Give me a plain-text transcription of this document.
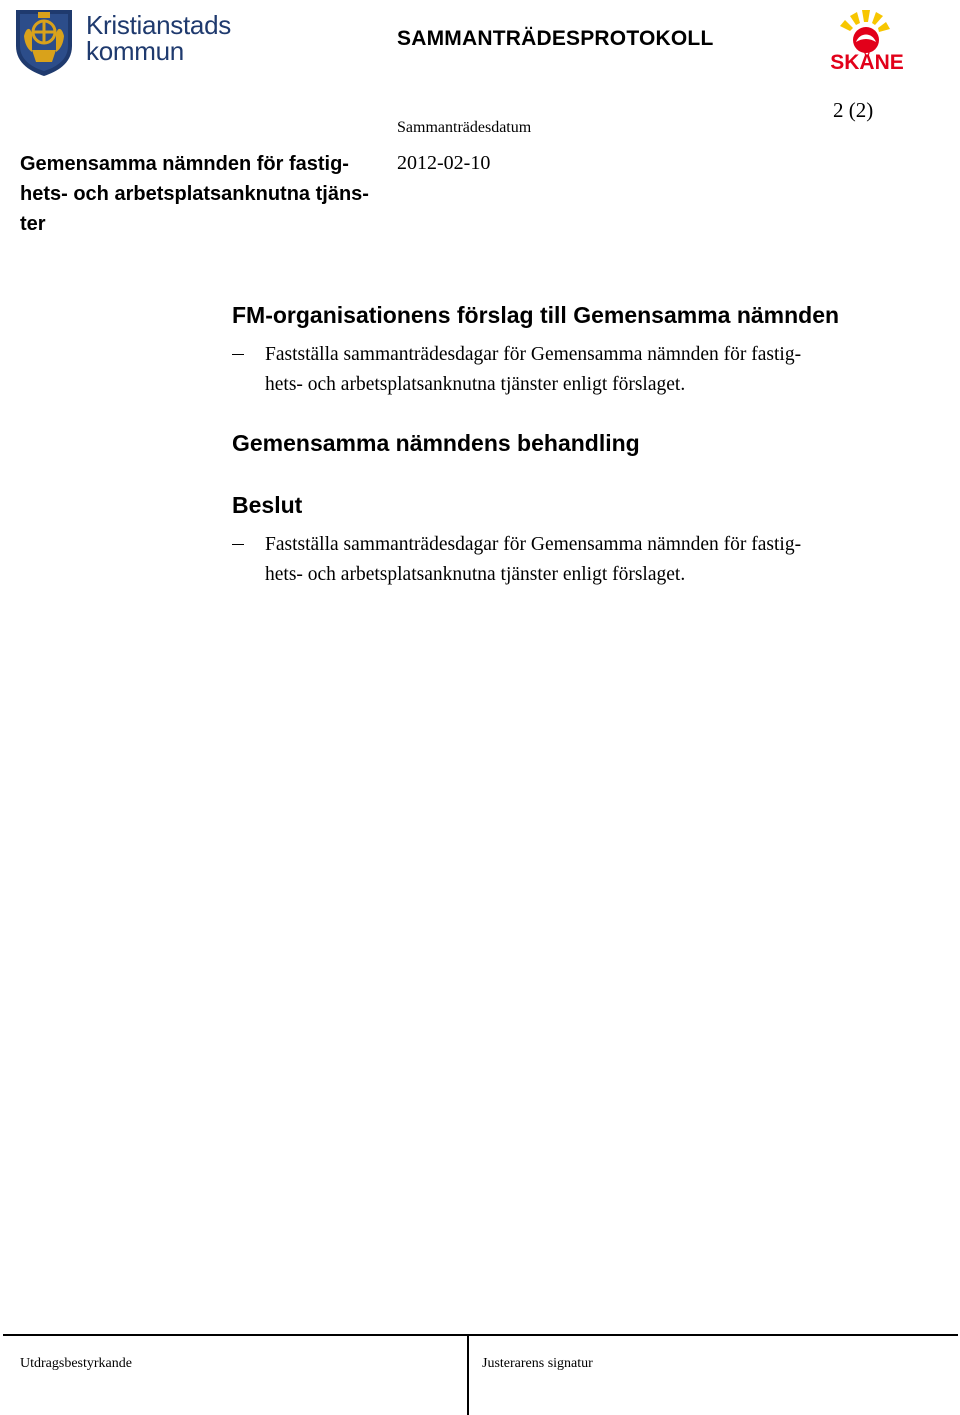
Kristianstads
kommun	SKÅNE
SAMMANTRÄDESPROTOKOLL
2 (2)
Sammanträdesdatum
2012-02-10
Gemensamma nämnden för fastig-
hets- och arbetsplatsanknutna tjäns-
ter
FM-organisationens förslag till Gemensamma nämnden
Fastställa sammanträdesdagar för Gemensamma nämnden för fastig-
hets- och arbetsplatsanknutna tjänster enligt förslaget.
Gemensamma nämndens behandling
Beslut
Fastställa sammanträdesdagar för Gemensamma nämnden för fastig-
hets- och arbetsplatsanknutna tjänster enligt förslaget.
Utdragsbestyrkande	Justerarens signatur
